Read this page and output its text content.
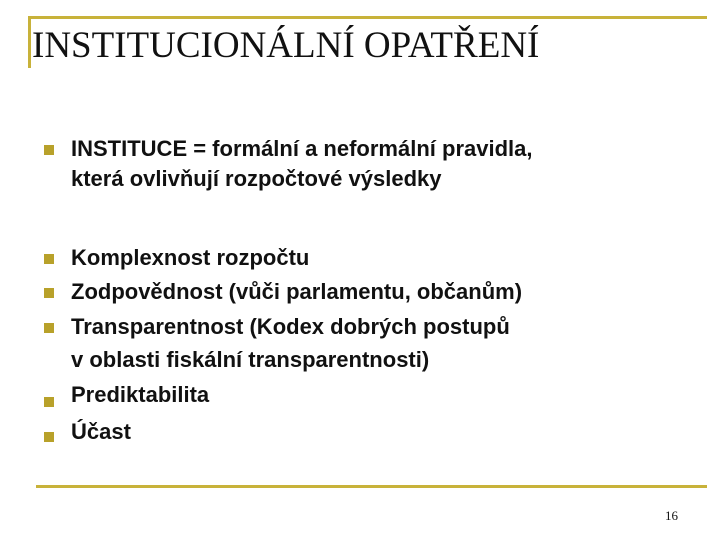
INSTITUCIONÁLNÍ OPATŘENÍ
INSTITUCE = formální a neformální pravidla,
která ovlivňují rozpočtové výsledky
Komplexnost rozpočtu
Zodpovědnost (vůči parlamentu, občanům)
Transparentnost (Kodex dobrých postupů
v oblasti fiskální transparentnosti)
Prediktabilita
Účast
16
